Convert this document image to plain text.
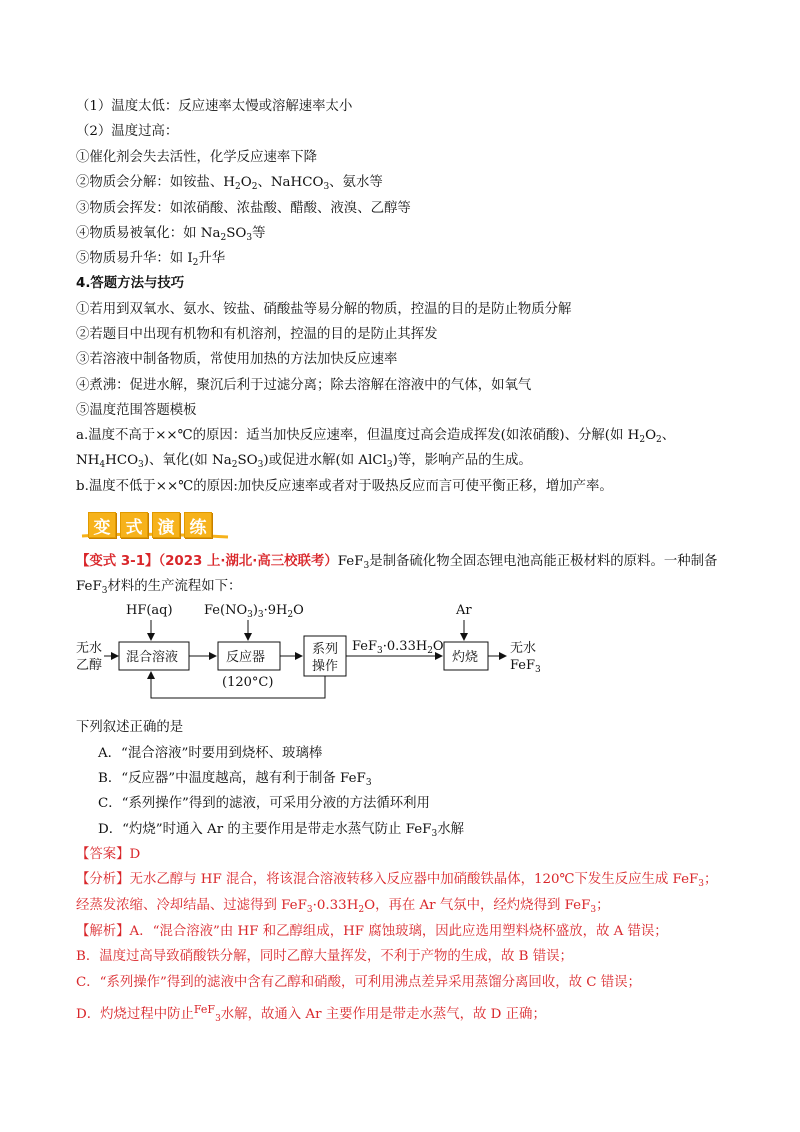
（1）温度太低：反应速率太慢或溶解速率太小
（2）温度过高：
①催化剂会失去活性，化学反应速率下降
②物质会分解：如铵盐、$H_2O_2$、NaHCO$_3$、氨水等
③物质会挥发：如浓硝酸、浓盐酸、醋酸、液溴、乙醇等
④物质易被氧化：如 $Na_2SO_3$等
⑤物质易升华：如 $I_2$升华
4.答题方法与技巧
①若用到双氧水、氨水、铵盐、硝酸盐等易分解的物质，控温的目的是防止物质分解
②若题目中出现有机物和有机溶剂，控温的目的是防止其挥发
③若溶液中制备物质，常使用加热的方法加快反应速率
④煮沸：促进水解，聚沉后利于过滤分离；除去溶解在溶液中的气体，如氧气
⑤温度范围答题模板
a.温度不高于××℃的原因：适当加快反应速率，但温度过高会造成挥发(如浓硝酸)、分解(如 $H_2O_2$、
$NH_4HCO_3$)、氧化(如 $Na_2SO_3$)或促进水解(如 AlCl$_3$)等，影响产品的生成。
b.温度不低于××℃的原因:加快反应速率或者对于吸热反应而言可使平衡正移，增加产率。
变 式 演 练
【变式 3-1】（2023 上·湖北·高三校联考）FeF$_3$是制备硫化物全固态锂电池高能正极材料的原料。一种制备
FeF$_3$材料的生产流程如下：
无水
乙醇
HF(aq)
混合溶液
$Fe(NO_3)_3\cdot 9H_2O$
反应器
(120°C)
系列
操作
$FeF_3\cdot 0.33H_2O$
Ar
灼烧
无水
FeF$_3$
下列叙述正确的是
A．“混合溶液”时要用到烧杯、玻璃棒
B．“反应器”中温度越高，越有利于制备 FeF$_3$
C．“系列操作”得到的滤液，可采用分液的方法循环利用
D．“灼烧”时通入 Ar 的主要作用是带走水蒸气防止 FeF$_3$水解
【答案】D
【分析】无水乙醇与 HF 混合，将该混合溶液转移入反应器中加硝酸铁晶体，120℃下发生反应生成 FeF$_3$；
经蒸发浓缩、冷却结晶、过滤得到 $FeF_3\cdot 0.33H_2O$，再在 Ar 气氛中，经灼烧得到 FeF$_3$；
【解析】A．“混合溶液”由 HF 和乙醇组成，HF 腐蚀玻璃，因此应选用塑料烧杯盛放，故 A 错误；
B．温度过高导致硝酸铁分解，同时乙醇大量挥发，不利于产物的生成，故 B 错误；
C．“系列操作”得到的滤液中含有乙醇和硝酸，可利用沸点差异采用蒸馏分离回收，故 C 错误；
D．灼烧过程中防止$^{FeF}_3$水解，故通入 Ar 主要作用是带走水蒸气，故 D 正确；
